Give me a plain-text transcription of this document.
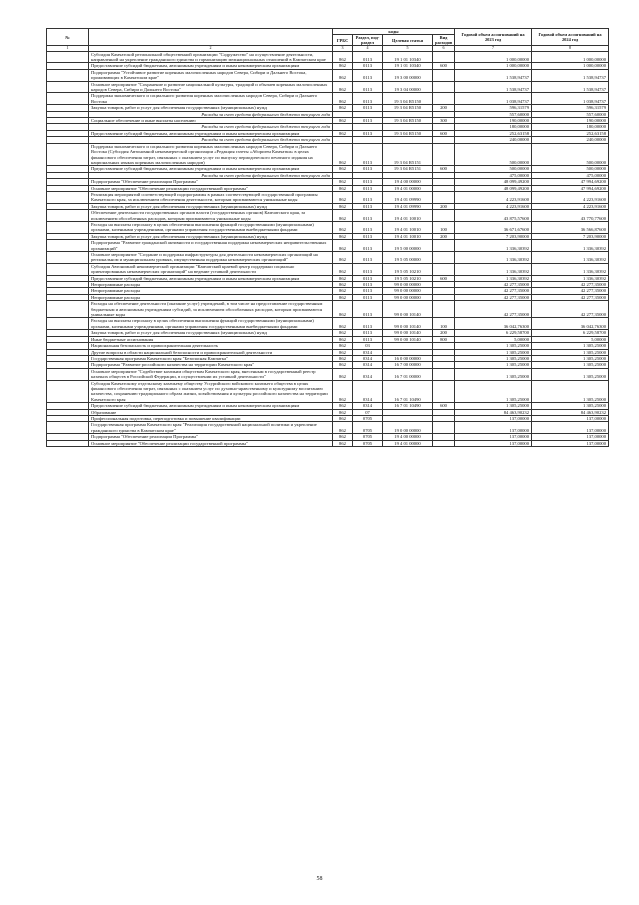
№		коды				Годовой объем ассигнований на 2023 год	Годовой объем ассигнований на 2024 год
		ГРБС	Раздел, под-раздел	Целевая статья	Вид расходов		
1	2	3	4	5	6	7	8
	Субсидия Камчатской региональной общественной организации "Содружество" на осуществление деятельности, направленной на укрепление гражданского единства и гармонизацию межнациональных отношений в Камчатском крае	862	0113	19 1 01 10340		1 000,00000	1 000,00000
	Предоставление субсидий бюджетным, автономным учреждениям и иным некоммерческим организациям	862	0113	19 1 01 10340	600	1 000,00000	1 000,00000
	Подпрограмма "Устойчивое развитие коренных малочисленных народов Севера, Сибири и Дальнего Востока, проживающих в Камчатском крае"	862	0113	19 3 00 00000		1 538,94737	1 538,94737
	Основное мероприятие "Сохранение и развитие национальной культуры, традиций и обычаев коренных малочисленных народов Севера, Сибири и Дальнего Востока"	862	0113	19 3 04 00000		1 538,94737	1 538,94737
	Поддержка экономического и социального развития коренных малочисленных народов Севера, Сибири и Дальнего Востока	862	0113	19 3 04 R5150		1 038,94737	1 038,94737
	Закупка товаров, работ и услуг для обеспечения государственных (муниципальных) нужд	862	0113	19 3 04 R5150	200	596,31579	596,31579
	Расходы за счет средств федерального бюджета текущего года					557,60000	557,60000
	Социальное обеспечение и иные выплаты населению	862	0113	19 3 04 R5150	300	190,00000	190,00000
	Расходы за счет средств федерального бюджета текущего года					180,00000	180,00000
	Предоставление субсидий бюджетным, автономным учреждениям и иным некоммерческим организациям	862	0113	19 3 04 R5150	600	252,63158	252,63158
	Расходы за счет средств федерального бюджета текущего года					240,00000	240,00000
	Поддержка экономического и социального развития коренных малочисленных народов Севера, Сибири и Дальнего Востока (Субсидия Автономной некоммерческой организации «Редакция газеты «Абориген Камчатки» в целях финансового обеспечения затрат, связанных с оказанием услуг по выпуску периодического печатного издания на национальных языках коренных малочисленных народов)	862	0113	19 3 04 R5151		500,00000	500,00000
	Предоставление субсидий бюджетным, автономным учреждениям и иным некоммерческим организациям	862	0113	19 3 04 R5151	600	500,00000	500,00000
	Расходы за счет средств федерального бюджета текущего года					475,00000	475,00000
	Подпрограмма "Обеспечение реализации Программы"	862	0113	19 4 00 00000		48 099,49200	47 994,69200
	Основное мероприятие "Обеспечение реализации государственной программы"	862	0113	19 4 01 00000		48 099,49200	47 994,69200
	Реализация мероприятий соответствующей подпрограммы в рамках соответствующей государственной программы Камчатского края, за исключением обеспечения деятельности, которым присваиваются уникальные коды	862	0113	19 4 01 09990		4 223,91600	4 223,91600
	Закупка товаров, работ и услуг для обеспечения государственных (муниципальных) нужд	862	0113	19 4 01 09990	200	4 223,91600	4 223,91600
	Обеспечение деятельности государственных органов власти (государственных органов) Камчатского края, за исключением обособленных расходов, которым присваиваются уникальные коды	862	0113	19 4 01 10010		43 875,57600	43 770,77600
	Расходы на выплаты персоналу в целях обеспечения выполнения функций государственными (муниципальными) органами, казенными учреждениями, органами управления государственными внебюджетными фондами	862	0113	19 4 01 10010	100	36 671,67600	36 566,87600
	Закупка товаров, работ и услуг для обеспечения государственных (муниципальных) нужд	862	0113	19 4 01 10010	200	7 203,90000	7 203,90000
	Подпрограмма "Развитие гражданской активности и государственная поддержка некоммерческих неправительственных организаций"	862	0113	19 5 00 00000		1 336,30392	1 336,30392
	Основное мероприятие "Создание и поддержка инфраструктуры для деятельности некоммерческих организаций на региональном и муниципальном уровнях, имущественная поддержка некоммерческих организаций"	862	0113	19 5 05 00000		1 336,30392	1 336,30392
	Субсидия Автономной некоммерческой организации "Камчатский краевой центр поддержки социально ориентированных некоммерческих организаций" на ведение уставной деятельности	862	0113	19 5 05 10210		1 336,30392	1 336,30392
	Предоставление субсидий бюджетным, автономным учреждениям и иным некоммерческим организациям	862	0113	19 5 05 10210	600	1 336,30392	1 336,30392
	Непрограммные расходы	862	0113	99 0 00 00000		42 277,35000	42 277,35000
	Непрограммные расходы	862	0113	99 0 00 00000		42 277,35000	42 277,35000
	Непрограммные расходы	862	0113	99 0 00 00000		42 277,35000	42 277,35000
	Расходы на обеспечение деятельности (оказание услуг) учреждений, в том числе на предоставление государственным бюджетным и автономным учреждениям субсидий, за исключением обособленных расходов, которым присваиваются уникальные коды	862	0113	99 0 00 10140		42 277,35000	42 277,35000
	Расходы на выплаты персоналу в целях обеспечения выполнения функций государственными (муниципальными) органами, казенными учреждениями, органами управления государственными внебюджетными фондами	862	0113	99 0 00 10140	100	36 042,76300	36 042,76300
	Закупка товаров, работ и услуг для обеспечения государственных (муниципальных) нужд	862	0113	99 0 00 10140	200	6 229,58700	6 229,58700
	Иные бюджетные ассигнования	862	0113	99 0 00 10140	800	5,00000	5,00000
	Национальная безопасность и правоохранительная деятельность	862	03			1 305,25000	1 305,25000
	Другие вопросы в области национальной безопасности и правоохранительной деятельности	862	0314			1 305,25000	1 305,25000
	Государственная программа Камчатского края "Безопасная Камчатка"	862	0314	16 0 00 00000		1 305,25000	1 305,25000
	Подпрограмма "Развитие российского казачества на территории Камчатского края"	862	0314	16 7 00 00000		1 305,25000	1 305,25000
	Основное мероприятие "Содействие казачьим обществам Камчатского края, внесенным в государственный реестр казачьих обществ в Российской Федерации, в осуществлении их уставной деятельности"	862	0314	16 7 01 00000		1 305,25000	1 305,25000
	Субсидия Камчатскому отдельскому казачьему обществу Уссурийского войскового казачьего общества в целях финансового обеспечения затрат, связанных с оказанием услуг по духовно-нравственному и культурному воспитанию казачества, сохранению традиционного образа жизни, хозяйствования и культуры российского казачества на территории Камчатского края	862	0314	16 7 01 10490		1 305,25000	1 305,25000
	Предоставление субсидий бюджетным, автономным учреждениям и иным некоммерческим организациям	862	0314	16 7 01 10490	600	1 305,25000	1 305,25000
	Образование	862	07			84 463,90232	84 463,90232
	Профессиональная подготовка, переподготовка и повышение квалификации	862	0705			137,00000	137,00000
	Государственная программа Камчатского края "Реализация государственной национальной политики и укрепление гражданского единства в Камчатском крае"	862	0705	19 0 00 00000		137,00000	137,00000
	Подпрограмма "Обеспечение реализации Программы"	862	0705	19 4 00 00000		137,00000	137,00000
	Основное мероприятие "Обеспечение реализации государственной программы"	862	0705	19 4 01 00000		137,00000	137,00000
58
